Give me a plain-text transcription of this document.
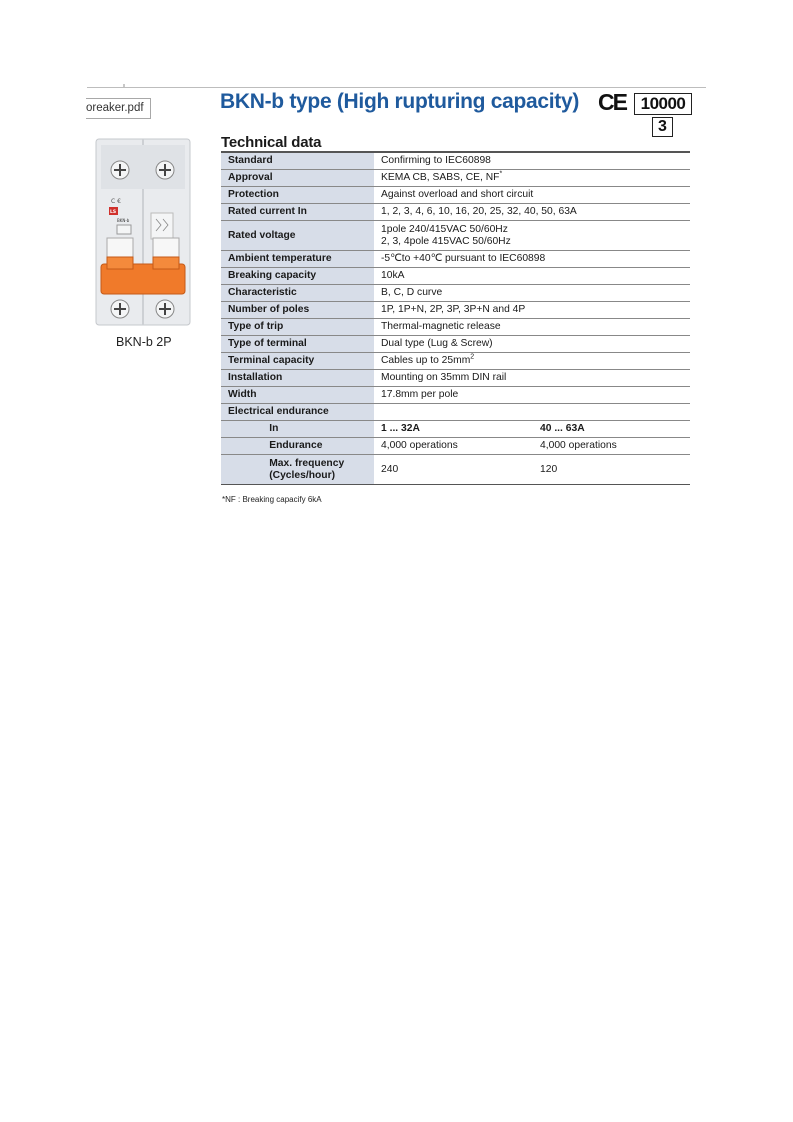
oreaker.pdf	BKN-b type (High rupturing capacity) CE 10000
3
C €
LS
BKN-b
BKN-b 2P
Technical data
Standard		Confirming to IEC60898	
Approval		KEMA CB, SABS, CE, NF*
Protection		Against overload and short circuit	
Rated current In		1, 2, 3, 4, 6, 10, 16, 20, 25, 32, 40, 50, 63A	
Rated voltage		1pole 240/415VAC 50/60Hz
2, 3, 4pole 415VAC 50/60Hz	

Ambient temperature		-5℃to +40℃ pursuant to IEC60898	
Breaking capacity		10kA	
Characteristic		B, C, D curve	
Number of poles		1P, 1P+N, 2P, 3P, 3P+N and 4P	
Type of trip		Thermal-magnetic release	
Type of terminal		Dual type (Lug & Screw)	
Terminal capacity		Cables up to $25mm^2$
Installation		Mounting on 35mm DIN rail	
Width		17.8mm per pole	
Electrical endurance			
	In	1 ... 32A	40 ... 63A
	Endurance	4,000 operations	4,000 operations

	Max. frequency
(Cycles/hour)	240	120
*NF : Breaking capacify 6kA
